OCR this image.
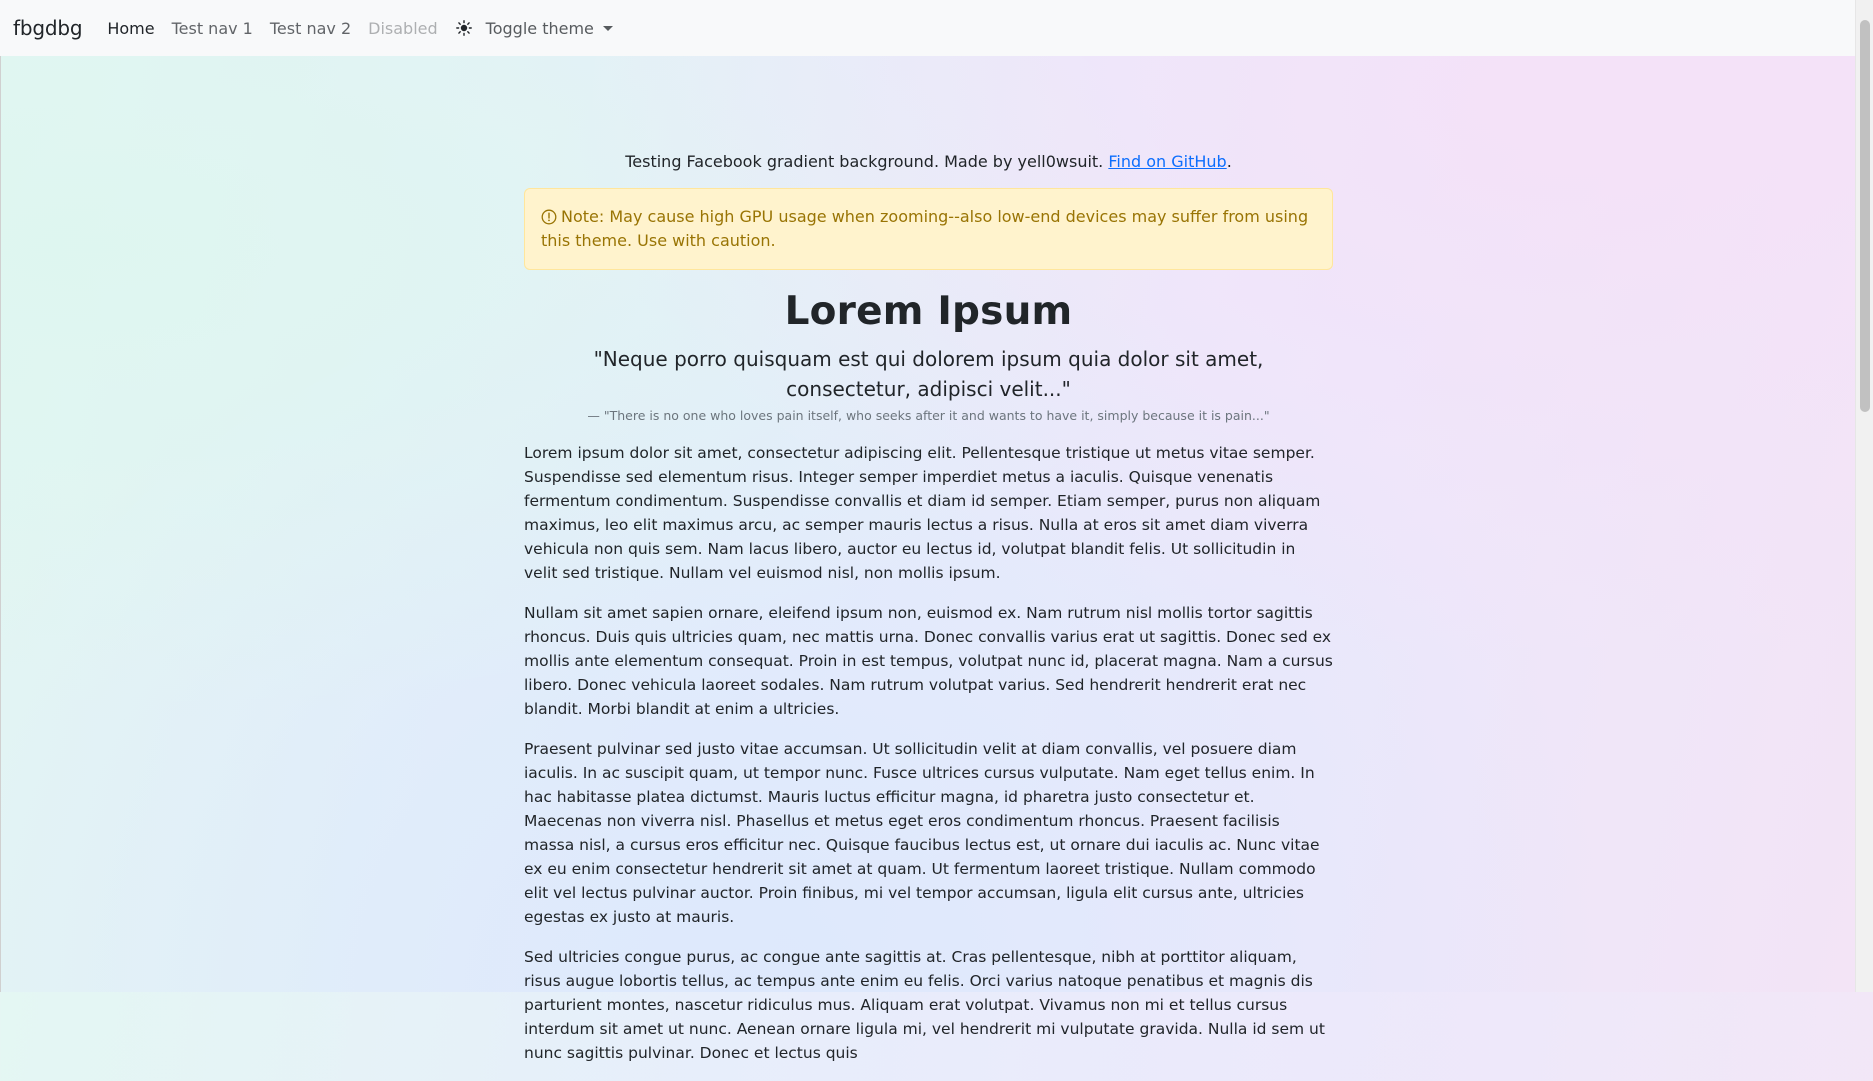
fbgdbg Home Test nav 1 Test nav 2 Disabled	Toggle theme

Testing Facebook gradient background. Made by yell0wsuit. Find on GitHub.

Note: May cause high GPU usage when zooming--also low-end devices may suffer from using this theme. Use with caution.
Lorem Ipsum
"Neque porro quisquam est qui dolorem ipsum quia dolor sit amet, consectetur, adipisci velit..."

— "There is no one who loves pain itself, who seeks after it and wants to have it, simply because it is pain..."

Lorem ipsum dolor sit amet, consectetur adipiscing elit. Pellentesque tristique ut metus vitae semper. Suspendisse sed elementum risus. Integer semper imperdiet metus a iaculis. Quisque venenatis fermentum condimentum. Suspendisse convallis et diam id semper. Etiam semper, purus non aliquam maximus, leo elit maximus arcu, ac semper mauris lectus a risus. Nulla at eros sit amet diam viverra vehicula non quis sem. Nam lacus libero, auctor eu lectus id, volutpat blandit felis. Ut sollicitudin in velit sed tristique. Nullam vel euismod nisl, non mollis ipsum.

Nullam sit amet sapien ornare, eleifend ipsum non, euismod ex. Nam rutrum nisl mollis tortor sagittis rhoncus. Duis quis ultricies quam, nec mattis urna. Donec convallis varius erat ut sagittis. Donec sed ex mollis ante elementum consequat. Proin in est tempus, volutpat nunc id, placerat magna. Nam a cursus libero. Donec vehicula laoreet sodales. Nam rutrum volutpat varius. Sed hendrerit hendrerit erat nec blandit. Morbi blandit at enim a ultricies.

Praesent pulvinar sed justo vitae accumsan. Ut sollicitudin velit at diam convallis, vel posuere diam iaculis. In ac suscipit quam, ut tempor nunc. Fusce ultrices cursus vulputate. Nam eget tellus enim. In hac habitasse platea dictumst. Mauris luctus efficitur magna, id pharetra justo consectetur et. Maecenas non viverra nisl. Phasellus et metus eget eros condimentum rhoncus. Praesent facilisis massa nisl, a cursus eros efficitur nec. Quisque faucibus lectus est, ut ornare dui iaculis ac. Nunc vitae ex eu enim consectetur hendrerit sit amet at quam. Ut fermentum laoreet tristique. Nullam commodo elit vel lectus pulvinar auctor. Proin finibus, mi vel tempor accumsan, ligula elit cursus ante, ultricies egestas ex justo at mauris.

Sed ultricies congue purus, ac congue ante sagittis at. Cras pellentesque, nibh at porttitor aliquam, risus augue lobortis tellus, ac tempus ante enim eu felis. Orci varius natoque penatibus et magnis dis parturient montes, nascetur ridiculus mus. Aliquam erat volutpat. Vivamus non mi et tellus cursus interdum sit amet ut nunc. Aenean ornare ligula mi, vel hendrerit mi vulputate gravida. Nulla id sem ut nunc sagittis pulvinar. Donec et lectus quis
